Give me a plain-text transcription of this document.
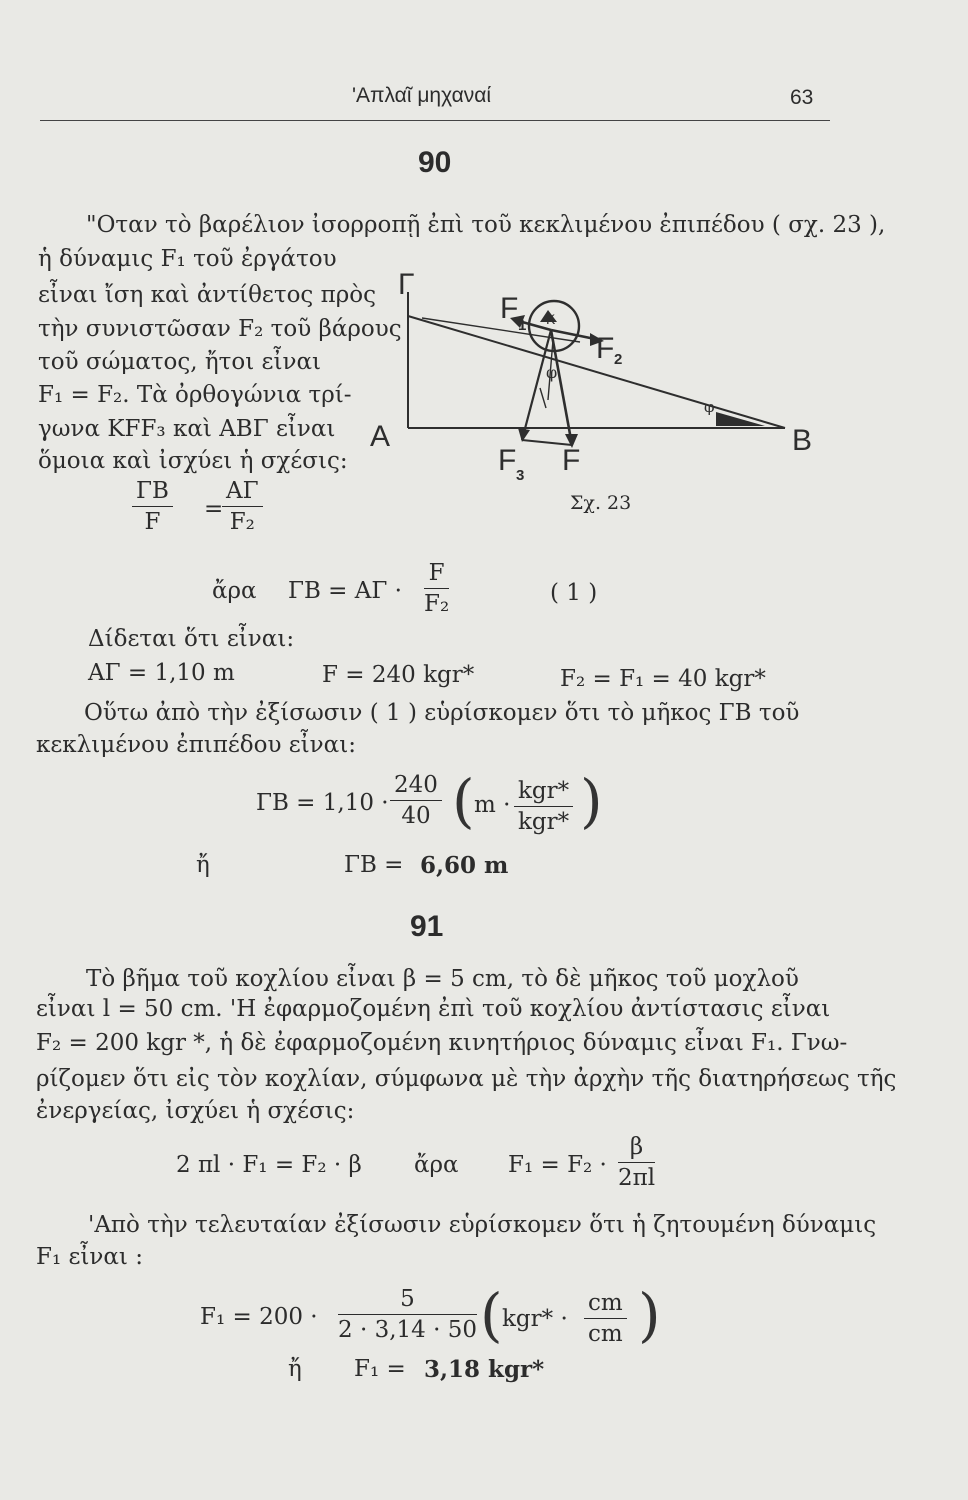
'Απλαῖ μηχαναί	63
90
"Οταν τὸ βαρέλιον ἰσορροπῇ ἐπὶ τοῦ κεκλιμένου ἐπιπέδου ( σχ. 23 ),
ἡ δύναμις F₁ τοῦ ἐργάτου
εἶναι ἴση καὶ ἀντίθετος πρὸς
τὴν συνιστῶσαν F₂ τοῦ βάρους
τοῦ σώματος, ἤτοι εἶναι
F₁ = F₂. Τὰ ὀρθογώνια τρί-
γωνα KFF₃ καὶ ΑΒΓ εἶναι
ὅμοια καὶ ἰσχύει ἡ σχέσις:
ΓΒ
F	=
ΑΓ
F₂
Γ
A	B
F
1
F 2
F 3 F
K
φ
φ
Σχ. 23
ἄρα ΓΒ = ΑΓ ·
F
F₂	( 1 )
Δίδεται ὅτι εἶναι:
ΑΓ = 1,10 m	F = 240 kgr*	F₂ = F₁ = 40 kgr*
Οὕτω ἀπὸ τὴν ἐξίσωσιν ( 1 ) εὑρίσκομεν ὅτι τὸ μῆκος ΓΒ τοῦ
κεκλιμένου ἐπιπέδου εἶναι:
ΓΒ = 1,10 ·
240
40 ( m ·
kgr*
kgr* )
ἤ	ΓΒ = 6,60 m
91
Τὸ βῆμα τοῦ κοχλίου εἶναι β = 5 cm, τὸ δὲ μῆκος τοῦ μοχλοῦ
εἶναι l = 50 cm. 'Η ἐφαρμοζομένη ἐπὶ τοῦ κοχλίου ἀντίστασις εἶναι
F₂ = 200 kgr *, ἡ δὲ ἐφαρμοζομένη κινητήριος δύναμις εἶναι F₁. Γνω-
ρίζομεν ὅτι εἰς τὸν κοχλίαν, σύμφωνα μὲ τὴν ἀρχὴν τῆς διατηρήσεως τῆς
ἐνεργείας, ἰσχύει ἡ σχέσις:
2 πl · F₁ = F₂ · β ἄρα F₁ = F₂ ·
β
2πl
'Απὸ τὴν τελευταίαν ἐξίσωσιν εὑρίσκομεν ὅτι ἡ ζητουμένη δύναμις
F₁ εἶναι :
F₁ = 200 ·
5
2 · 3,14 · 50 ( kgr* ·
cm
cm )
ἤ F₁ = 3,18 kgr*
